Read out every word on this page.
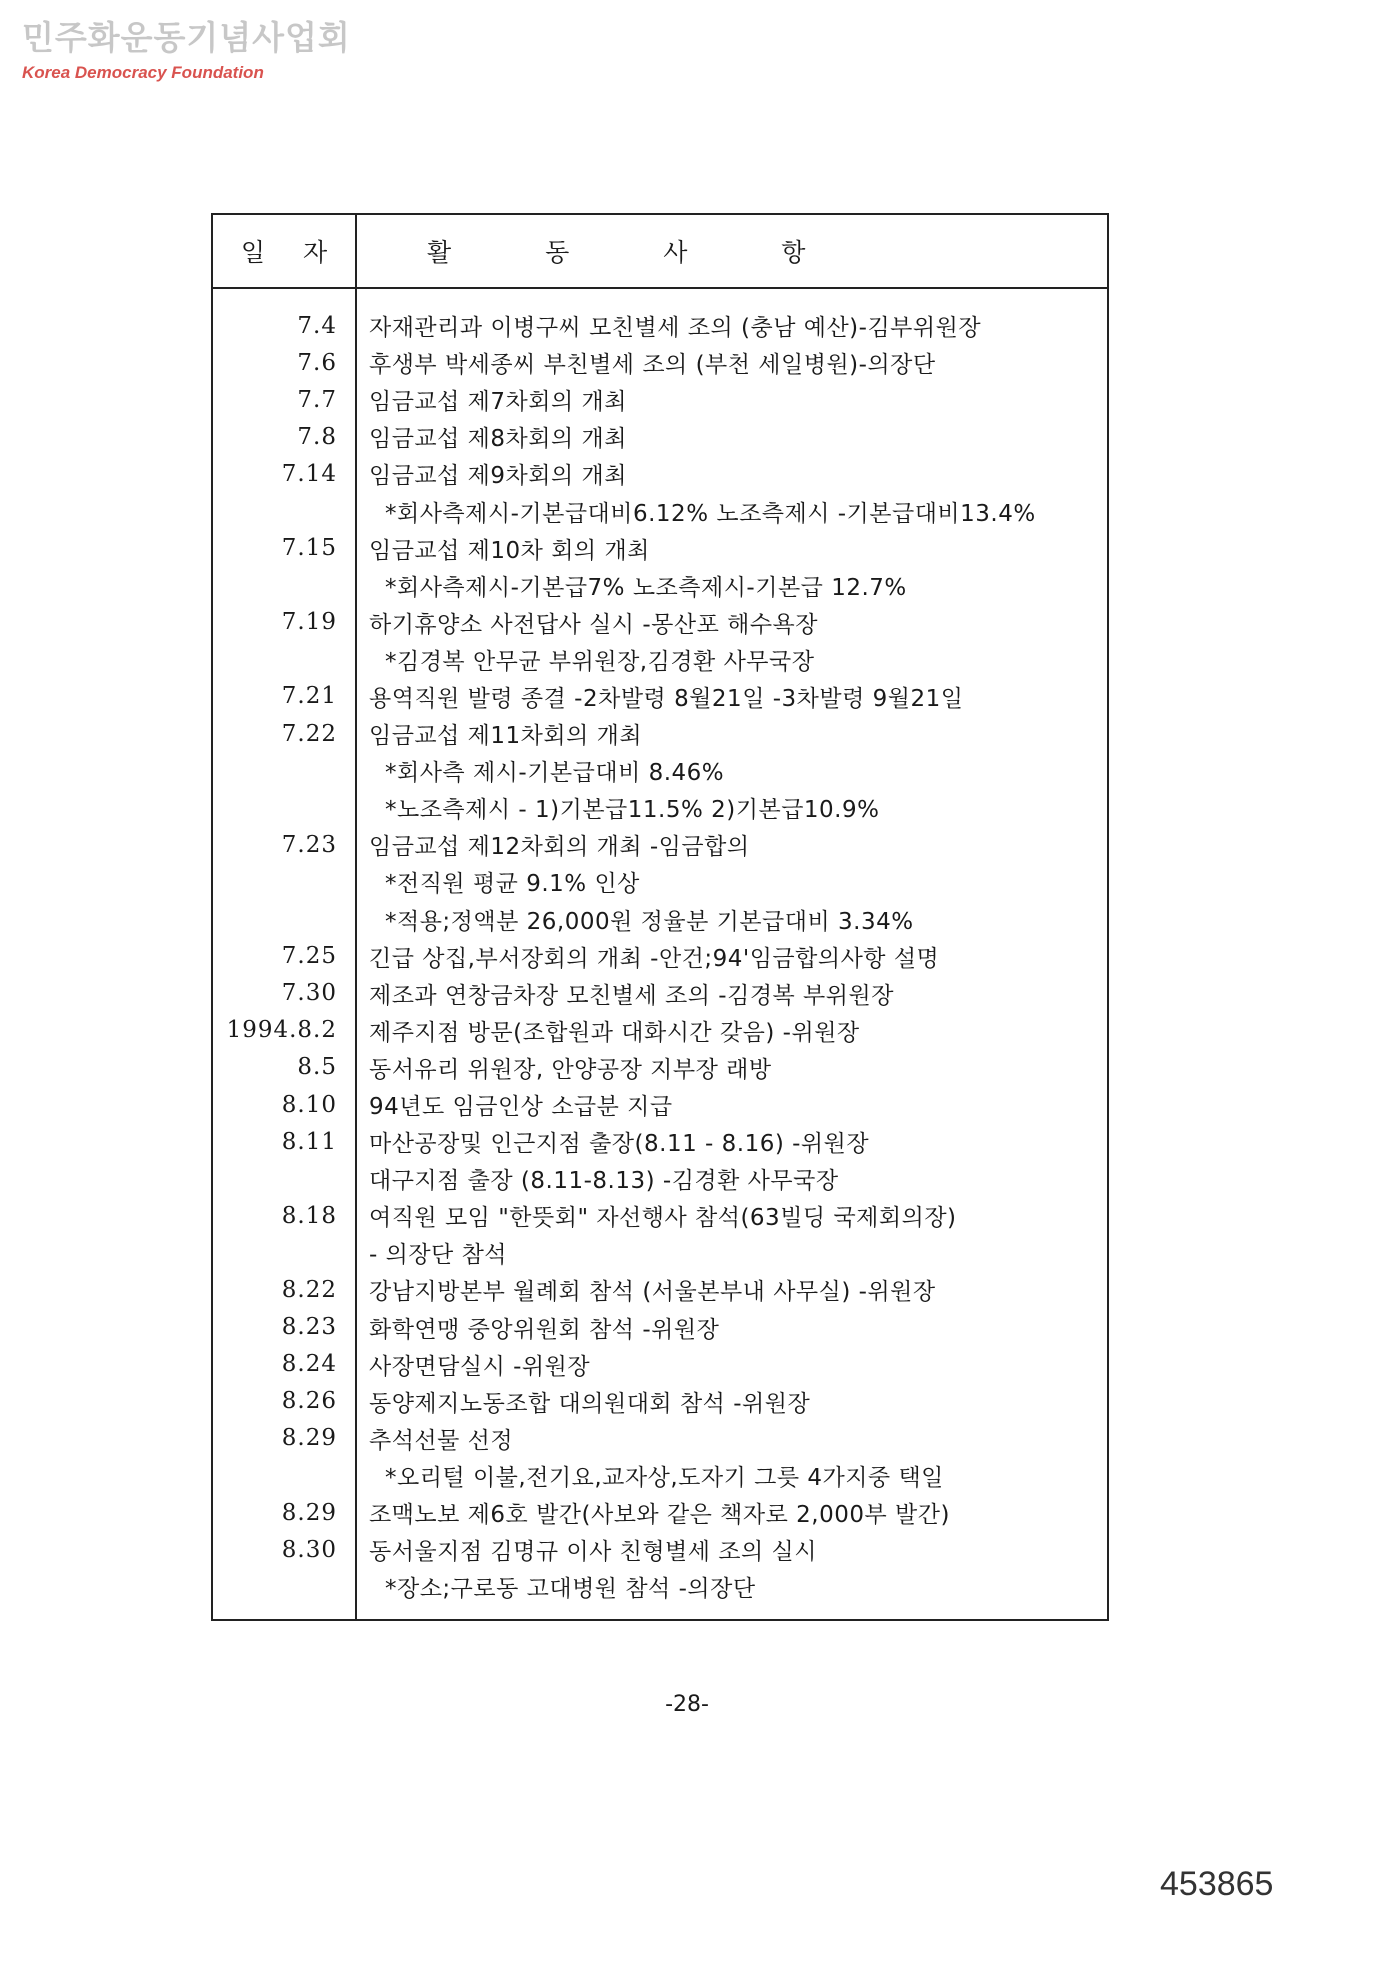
민주화운동기념사업회
Korea Democracy Foundation
일 자	활 동 사 항
7.4	자재관리과 이병구씨 모친별세 조의 (충남 예산)-김부위원장
7.6	후생부 박세종씨 부친별세 조의 (부천 세일병원)-의장단
7.7	임금교섭 제7차회의 개최
7.8	임금교섭 제8차회의 개최
7.14	임금교섭 제9차회의 개최
*회사측제시-기본급대비6.12% 노조측제시 -기본급대비13.4%
7.15	임금교섭 제10차 회의 개최
*회사측제시-기본급7% 노조측제시-기본급 12.7%
7.19	하기휴양소 사전답사 실시 -몽산포 해수욕장
*김경복 안무균 부위원장,김경환 사무국장
7.21	용역직원 발령 종결 -2차발령 8월21일 -3차발령 9월21일
7.22	임금교섭 제11차회의 개최
*회사측 제시-기본급대비 8.46%
*노조측제시 - 1)기본급11.5% 2)기본급10.9%
7.23	임금교섭 제12차회의 개최 -임금합의
*전직원 평균 9.1% 인상
*적용;정액분 26,000원 정율분 기본급대비 3.34%
7.25	긴급 상집,부서장회의 개최 -안건;94'임금합의사항 설명
7.30	제조과 연창금차장 모친별세 조의 -김경복 부위원장
1994.8.2	제주지점 방문(조합원과 대화시간 갖음) -위원장
8.5	동서유리 위원장, 안양공장 지부장 래방
8.10	94년도 임금인상 소급분 지급
8.11	마산공장및 인근지점 출장(8.11 - 8.16) -위원장
대구지점 출장 (8.11-8.13) -김경환 사무국장
8.18	여직원 모임 "한뜻회" 자선행사 참석(63빌딩 국제회의장)
- 의장단 참석
8.22	강남지방본부 월례회 참석 (서울본부내 사무실) -위원장
8.23	화학연맹 중앙위원회 참석 -위원장
8.24	사장면담실시 -위원장
8.26	동양제지노동조합 대의원대회 참석 -위원장
8.29	추석선물 선정
*오리털 이불,전기요,교자상,도자기 그릇 4가지중 택일
8.29	조맥노보 제6호 발간(사보와 같은 책자로 2,000부 발간)
8.30	동서울지점 김명규 이사 친형별세 조의 실시
*장소;구로동 고대병원 참석 -의장단
-28-
453865
